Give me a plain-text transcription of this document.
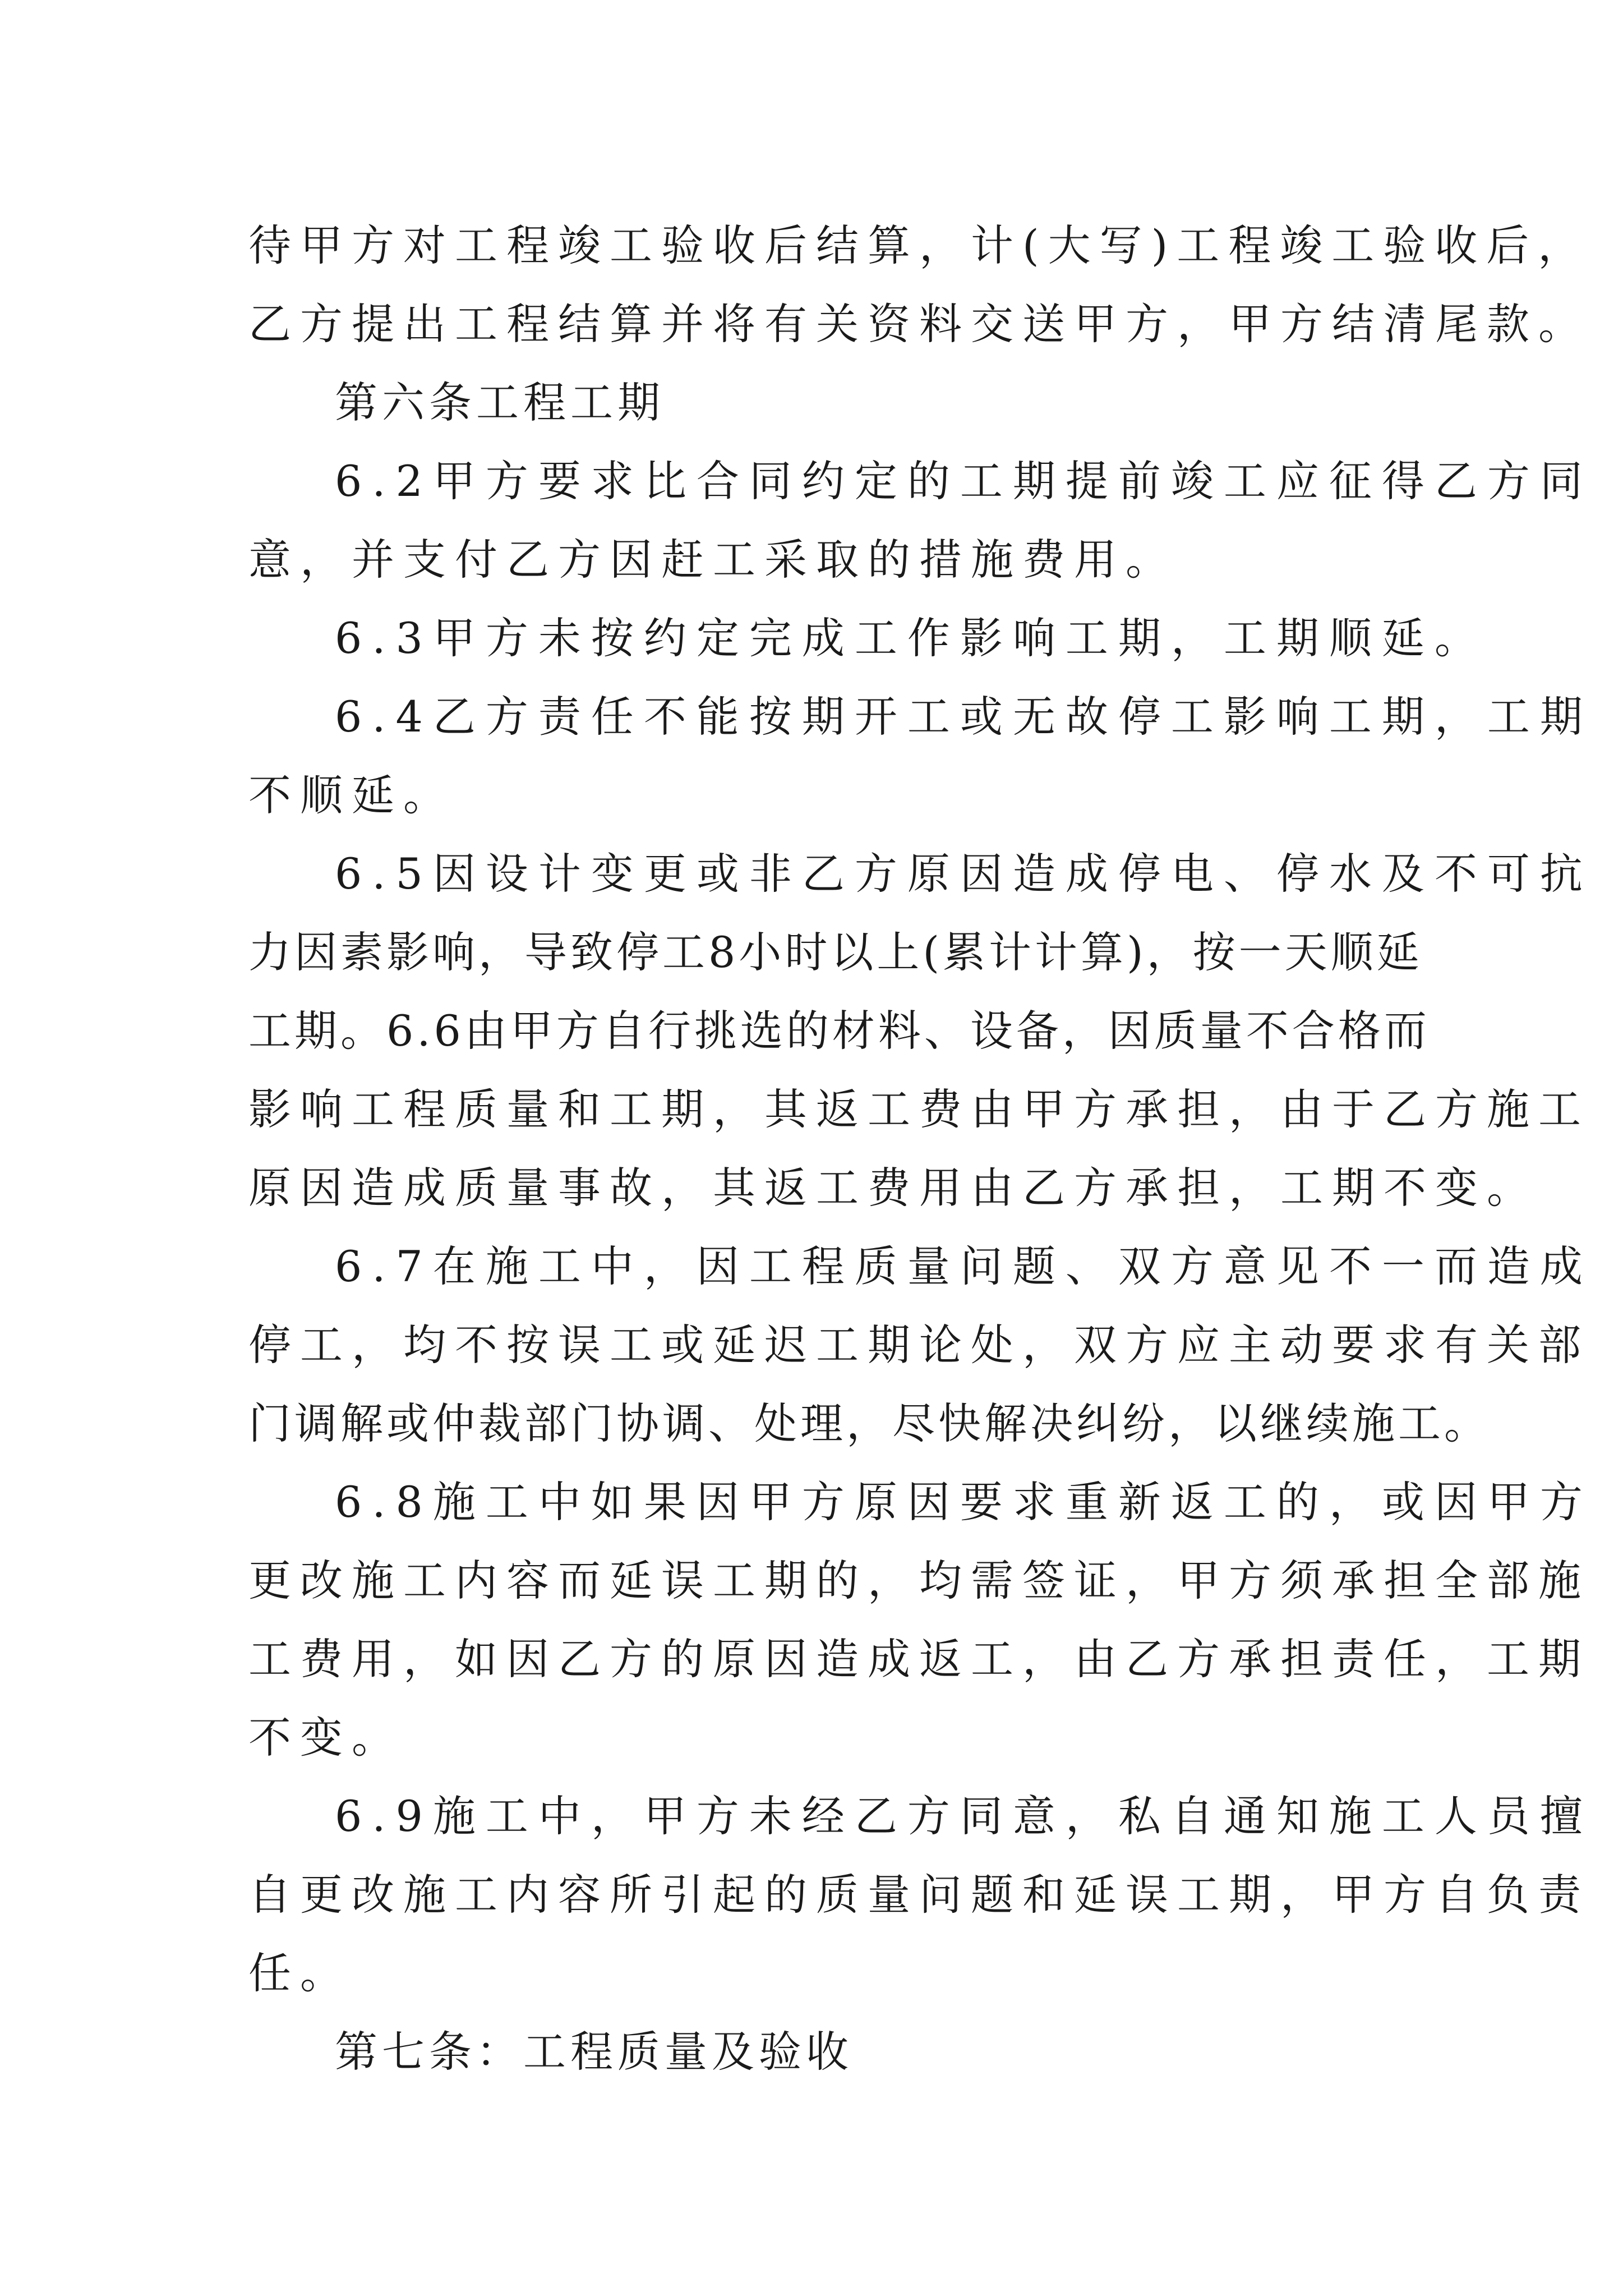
待甲方对工程竣工验收后结算，计(大写)工程竣工验收后，
乙方提出工程结算并将有关资料交送甲方，甲方结清尾款。
第六条工程工期
6.2甲方要求比合同约定的工期提前竣工应征得乙方同
意，并支付乙方因赶工采取的措施费用。
6.3甲方未按约定完成工作影响工期，工期顺延。
6.4乙方责任不能按期开工或无故停工影响工期，工期
不顺延。
6.5因设计变更或非乙方原因造成停电、停水及不可抗
力因素影响，导致停工8小时以上(累计计算)，按一天顺延
工期。6.6由甲方自行挑选的材料、设备，因质量不合格而
影响工程质量和工期，其返工费由甲方承担，由于乙方施工
原因造成质量事故，其返工费用由乙方承担，工期不变。
6.7在施工中，因工程质量问题、双方意见不一而造成
停工，均不按误工或延迟工期论处，双方应主动要求有关部
门调解或仲裁部门协调、处理，尽快解决纠纷，以继续施工。
6.8施工中如果因甲方原因要求重新返工的，或因甲方
更改施工内容而延误工期的，均需签证，甲方须承担全部施
工费用，如因乙方的原因造成返工，由乙方承担责任，工期
不变。
6.9施工中，甲方未经乙方同意，私自通知施工人员擅
自更改施工内容所引起的质量问题和延误工期，甲方自负责
任。
第七条：工程质量及验收
